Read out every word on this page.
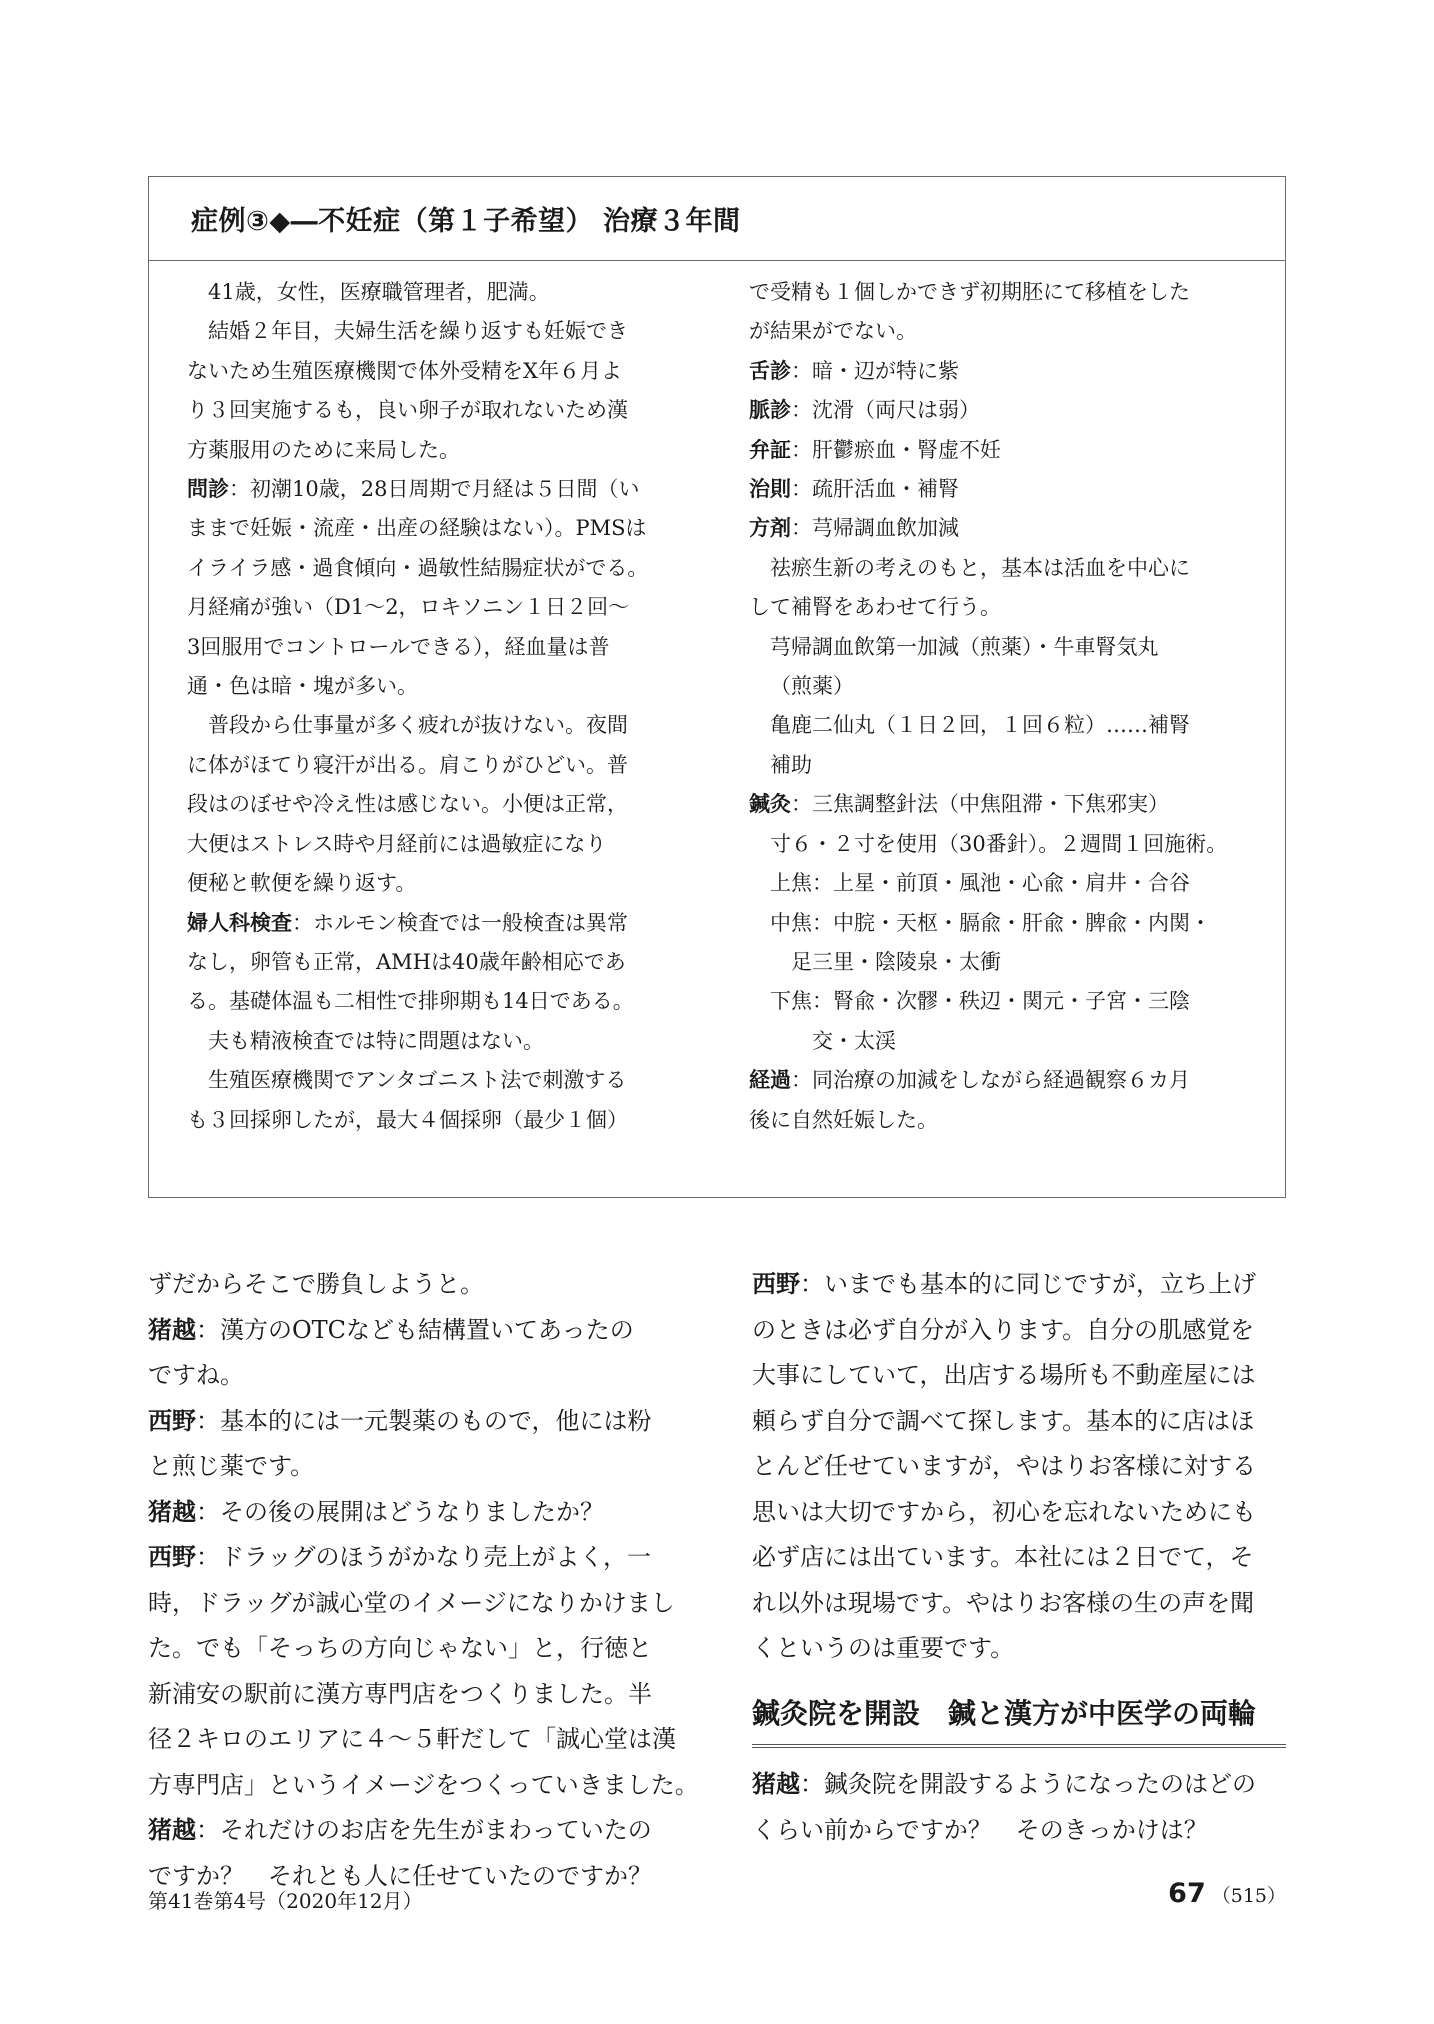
症例③◆―不妊症（第１子希望） 治療３年間

41歳，女性，医療職管理者，肥満。

結婚２年目，夫婦生活を繰り返すも妊娠でき

ないため生殖医療機関で体外受精をX年６月よ

り３回実施するも，良い卵子が取れないため漢

方薬服用のために来局した。

問診：初潮10歳，28日周期で月経は５日間（い

ままで妊娠・流産・出産の経験はない）。PMSは

イライラ感・過食傾向・過敏性結腸症状がでる。

月経痛が強い（D1～2，ロキソニン１日２回～

3回服用でコントロールできる），経血量は普

通・色は暗・塊が多い。

普段から仕事量が多く疲れが抜けない。夜間

に体がほてり寝汗が出る。肩こりがひどい。普

段はのぼせや冷え性は感じない。小便は正常，

大便はストレス時や月経前には過敏症になり

便秘と軟便を繰り返す。

婦人科検査：ホルモン検査では一般検査は異常

なし，卵管も正常，AMHは40歳年齢相応であ

る。基礎体温も二相性で排卵期も14日である。

夫も精液検査では特に問題はない。

生殖医療機関でアンタゴニスト法で刺激する

も３回採卵したが，最大４個採卵（最少１個）

で受精も１個しかできず初期胚にて移植をした

が結果がでない。

舌診：暗・辺が特に紫

脈診：沈滑（両尺は弱）

弁証：肝鬱瘀血・腎虚不妊

治則：疏肝活血・補腎

方剤：芎帰調血飲加減

祛瘀生新の考えのもと，基本は活血を中心に

して補腎をあわせて行う。

芎帰調血飲第一加減（煎薬）・牛車腎気丸

（煎薬）

亀鹿二仙丸（１日２回，１回６粒）……補腎

補助

鍼灸：三焦調整針法（中焦阻滞・下焦邪実）

寸６・２寸を使用（30番針）。２週間１回施術。

上焦：上星・前頂・風池・心兪・肩井・合谷

中焦：中脘・天枢・膈兪・肝兪・脾兪・内関・

足三里・陰陵泉・太衝

下焦：腎兪・次髎・秩辺・関元・子宮・三陰

交・太渓

経過：同治療の加減をしながら経過観察６カ月

後に自然妊娠した。

ずだからそこで勝負しようと。

猪越：漢方のOTCなども結構置いてあったの

ですね。

西野：基本的には一元製薬のもので，他には粉

と煎じ薬です。

猪越：その後の展開はどうなりましたか？

西野：ドラッグのほうがかなり売上がよく，一

時，ドラッグが誠心堂のイメージになりかけまし

た。でも「そっちの方向じゃない」と，行徳と

新浦安の駅前に漢方専門店をつくりました。半

径２キロのエリアに４～５軒だして「誠心堂は漢

方専門店」というイメージをつくっていきました。

猪越：それだけのお店を先生がまわっていたの

ですか？　それとも人に任せていたのですか？

西野：いまでも基本的に同じですが，立ち上げ

のときは必ず自分が入ります。自分の肌感覚を

大事にしていて，出店する場所も不動産屋には

頼らず自分で調べて探します。基本的に店はほ

とんど任せていますが，やはりお客様に対する

思いは大切ですから，初心を忘れないためにも

必ず店には出ています。本社には２日でて，そ

れ以外は現場です。やはりお客様の生の声を聞

くというのは重要です。

鍼灸院を開設　鍼と漢方が中医学の両輪

猪越：鍼灸院を開設するようになったのはどの

くらい前からですか？　そのきっかけは？

第41巻第4号（2020年12月）	67 （515）
